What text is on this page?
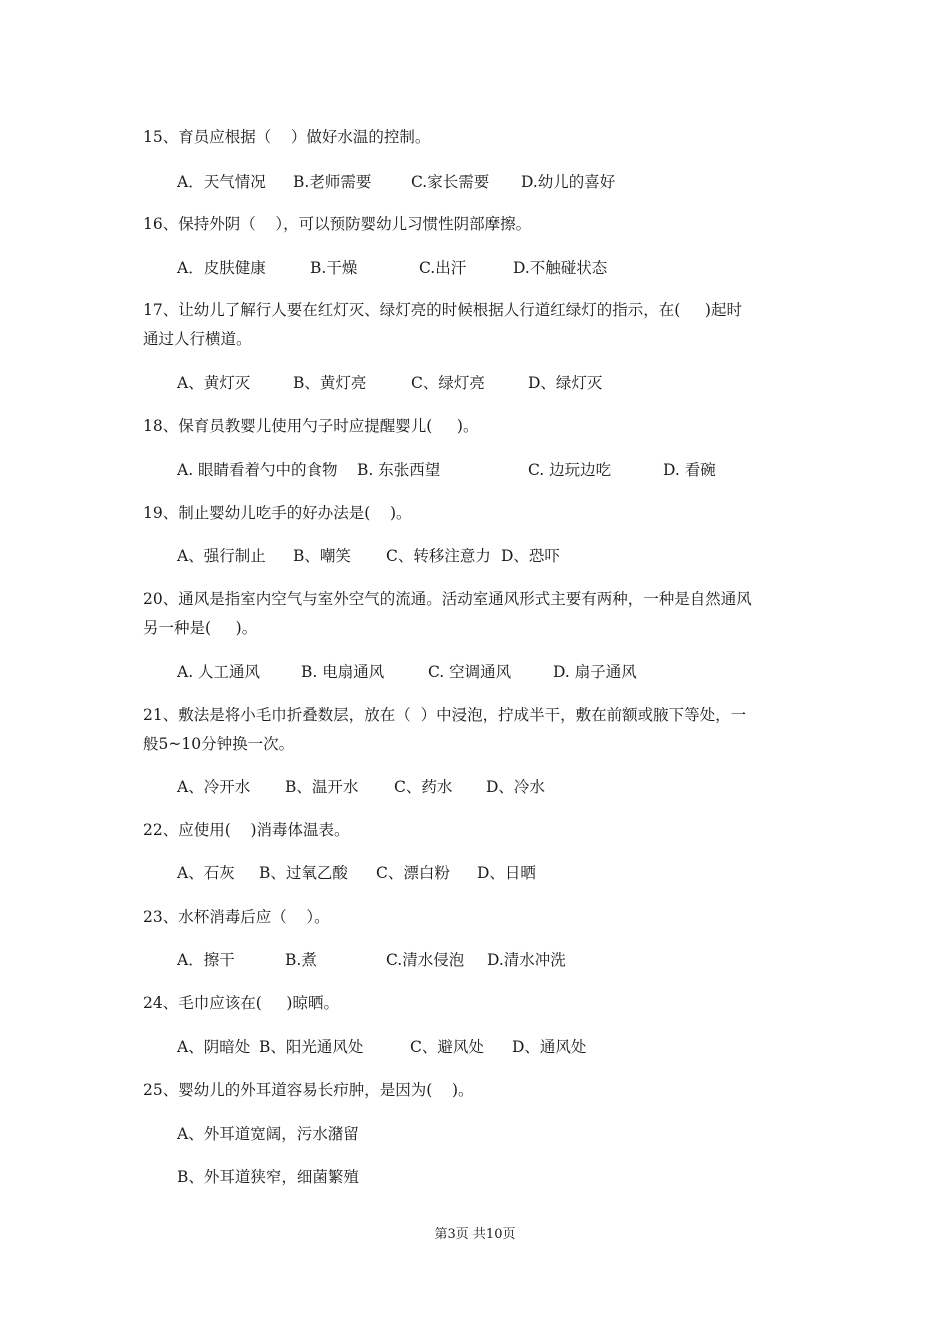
15、育员应根据（    ）做好水温的控制。
A．天气情况 B.老师需要	C.家长需要 D.幼儿的喜好
16、保持外阴（    ），可以预防婴幼儿习惯性阴部摩擦。
A．皮肤健康	B.干燥	C.出汗	D.不触碰状态
17、让幼儿了解行人要在红灯灭、绿灯亮的时候根据人行道红绿灯的指示，在(     )起时
通过人行横道。
A、黄灯灭	B、黄灯亮	C、绿灯亮	D、绿灯灭
18、保育员教婴儿使用勺子时应提醒婴儿(     )。
A. 眼睛看着勺中的食物 B. 东张西望	C. 边玩边吃	D. 看碗
19、制止婴幼儿吃手的好办法是(    )。
A、强行制止 B、嘲笑 C、转移注意力 D、恐吓
20、通风是指室内空气与室外空气的流通。活动室通风形式主要有两种，一种是自然通风
另一种是(     )。
A. 人工通风	B. 电扇通风	C. 空调通风	D. 扇子通风
21、敷法是将小毛巾折叠数层，放在（  ）中浸泡，拧成半干，敷在前额或腋下等处，一
般5~10分钟换一次。
A、冷开水 B、温开水 C、药水 D、冷水
22、应使用(    )消毒体温表。
A、石灰 B、过氧乙酸 C、漂白粉 D、日晒
23、水杯消毒后应（    ）。
A．擦干	B.煮	C.清水侵泡 D.清水冲洗
24、毛巾应该在(     )晾晒。
A、阴暗处 B、阳光通风处	C、避风处 D、通风处
25、婴幼儿的外耳道容易长疖肿，是因为(    )。
A、外耳道宽阔，污水潴留
B、外耳道狭窄，细菌繁殖
第3页 共10页
